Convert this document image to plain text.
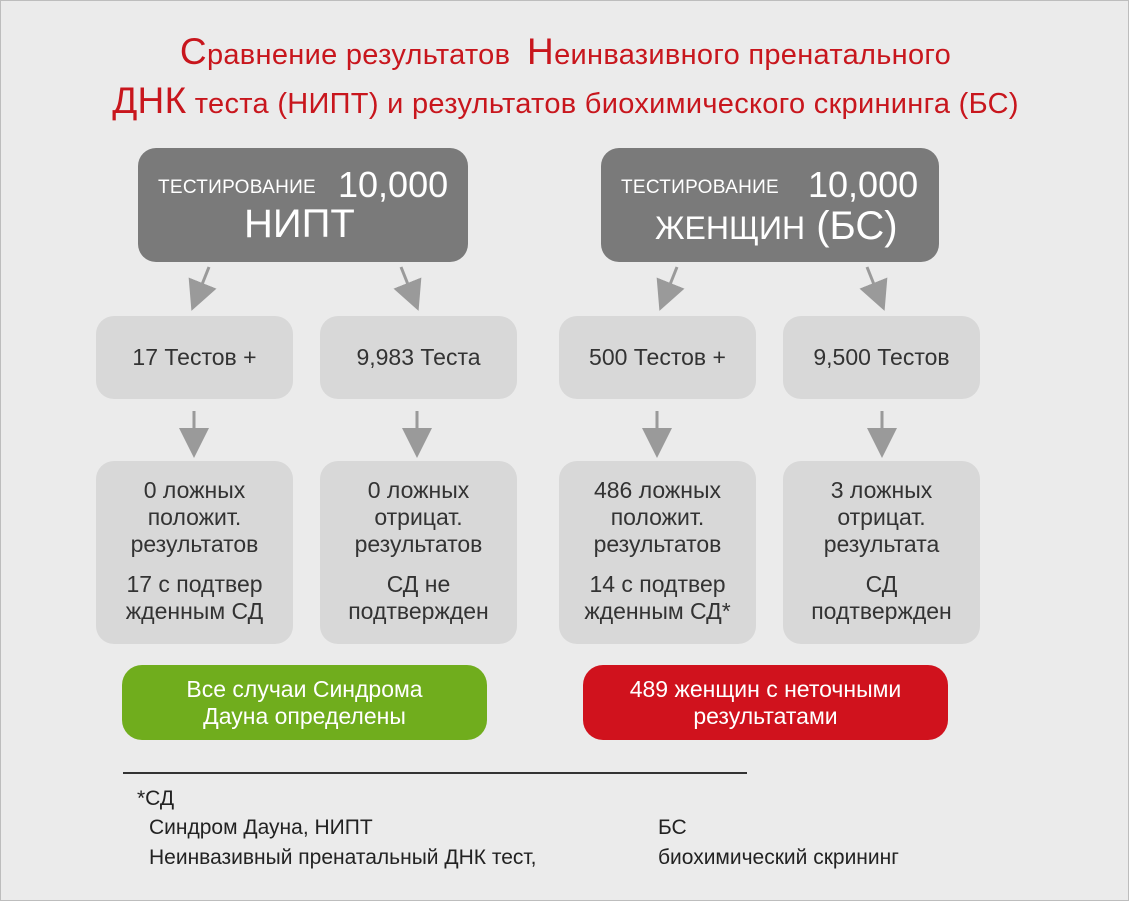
Сравнение результатов Неинвазивного пренатального
ДНК теста (НИПТ) и результатов биохимического скрининга (БС)
ТЕСТИРОВАНИЕ 10,000
НИПТ
ТЕСТИРОВАНИЕ 10,000
ЖЕНЩИН (БС)
17 Тестов +	9,983 Теста	500 Тестов +	9,500 Тестов
0 ложных
положит.
результатов
17 с подтвер
жденным СД
0 ложных
отрицат.
результатов
СД не
подтвержден
486 ложных
положит.
результатов
14 с подтвер
жденным СД*
3 ложных
отрицат.
результата
СД
подтвержден
Все случаи Синдрома
Дауна определены
489 женщин с неточными
результатами
*СД
Синдром Дауна, НИПТ
Неинвазивный пренатальный ДНК тест,
БС
биохимический скрининг
